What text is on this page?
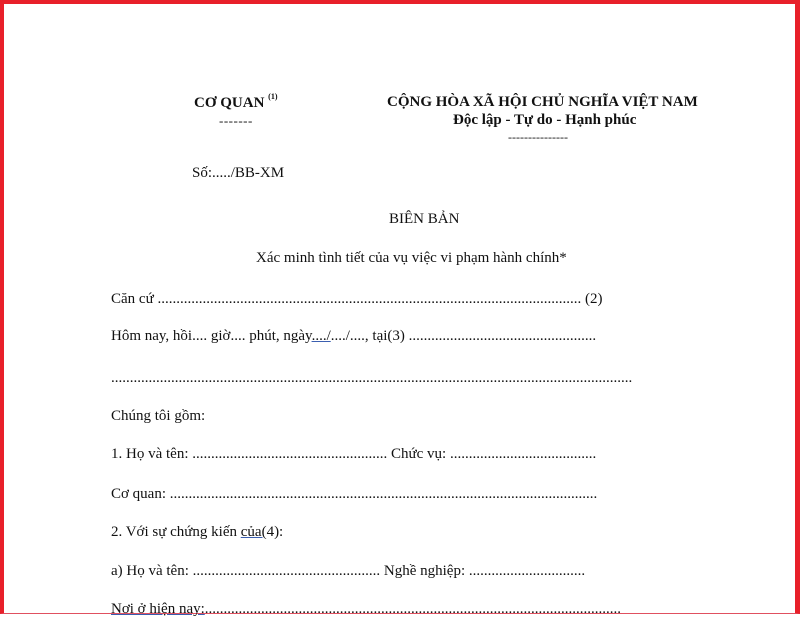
CƠ QUAN $^{(1)}$
-------
Số:...../BB-XM
CỘNG HÒA XÃ HỘI CHỦ NGHĨA VIỆT NAM
Độc lập - Tự do - Hạnh phúc
---------------
BIÊN BẢN
Xác minh tình tiết của vụ việc vi phạm hành chính*
Căn cứ ................................................................................................................. (2)
Hôm nay, hồi.... giờ.... phút, ngày..../..../...., tại(3) ..................................................
...........................................................................................................................................
Chúng tôi gồm:
1. Họ và tên: .................................................... Chức vụ: .......................................
Cơ quan: ..................................................................................................................
2. Với sự chứng kiến của(4):
a) Họ và tên: .................................................. Nghề nghiệp: ...............................
Nơi ở hiện nay:...............................................................................................................
